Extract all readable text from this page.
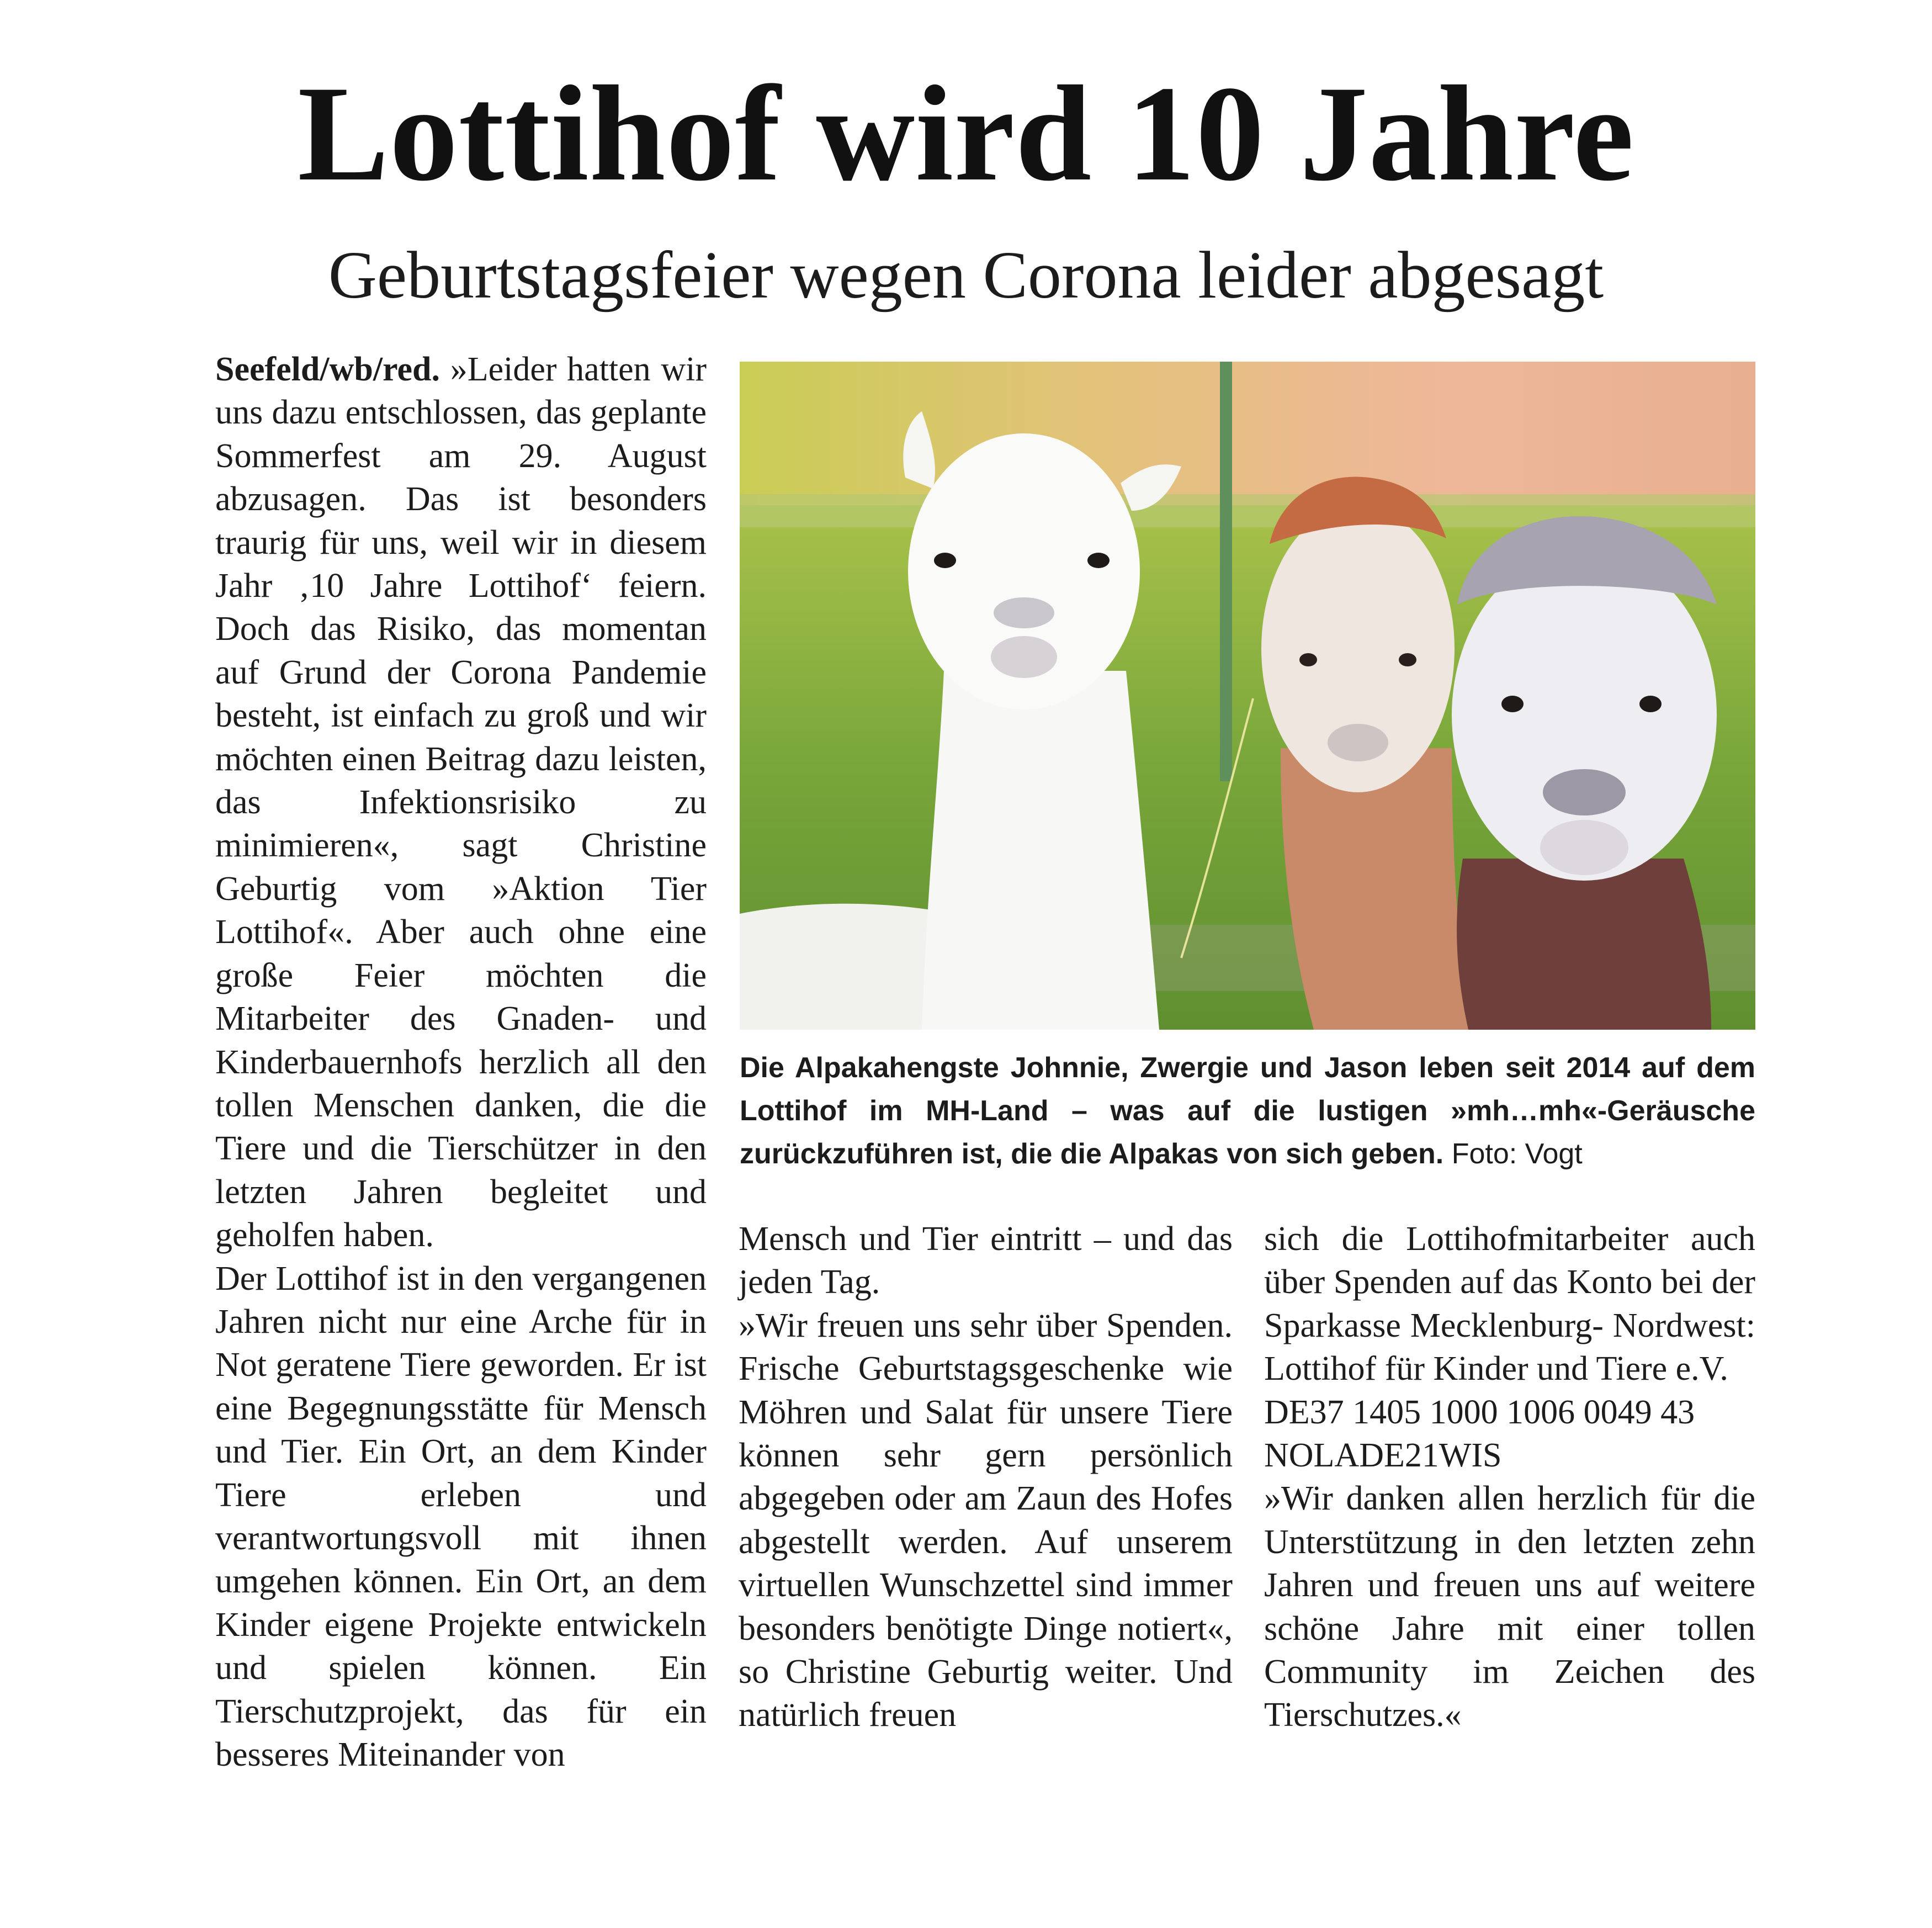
Lottihof wird 10 Jahre
Geburtstagsfeier wegen Corona leider abgesagt

Seefeld/wb/red. »Leider hatten wir uns dazu entschlossen, das geplante Sommerfest am 29. August abzusagen. Das ist besonders traurig für uns, weil wir in diesem Jahr ‚10 Jahre Lottihof‘ feiern. Doch das Risiko, das momentan auf Grund der Corona Pandemie besteht, ist einfach zu groß und wir möchten einen Beitrag dazu leisten, das Infektionsrisiko zu minimieren«, sagt Christine Geburtig vom »Aktion Tier Lottihof«. Aber auch ohne eine große Feier möchten die Mitarbeiter des Gnaden- und Kinderbauernhofs herzlich all den tollen Menschen danken, die die Tiere und die Tierschützer in den letzten Jahren begleitet und geholfen haben.

Der Lottihof ist in den vergangenen Jahren nicht nur eine Arche für in Not geratene Tiere geworden. Er ist eine Begegnungsstätte für Mensch und Tier. Ein Ort, an dem Kinder Tiere erleben und verantwortungsvoll mit ihnen umgehen können. Ein Ort, an dem Kinder eigene Projekte entwickeln und spielen können. Ein Tierschutzprojekt, das für ein besseres Miteinander von

Die Alpakahengste Johnnie, Zwergie und Jason leben seit 2014 auf dem Lottihof im MH-Land – was auf die lustigen »mh…mh«-Geräusche zurückzuführen ist, die die Alpakas von sich geben. Foto: Vogt

Mensch und Tier eintritt – und das jeden Tag.

»Wir freuen uns sehr über Spenden. Frische Geburtstagsgeschenke wie Möhren und Salat für unsere Tiere können sehr gern persönlich abgegeben oder am Zaun des Hofes abgestellt werden. Auf unserem virtuellen Wunschzettel sind immer besonders benötigte Dinge notiert«, so Christine Geburtig weiter. Und natürlich freuen

sich die Lottihofmitarbeiter auch über Spenden auf das Konto bei der Sparkasse Mecklenburg- Nordwest: Lottihof für Kinder und Tiere e.V.

DE37 1405 1000 1006 0049 43

NOLADE21WIS

»Wir danken allen herzlich für die Unterstützung in den letzten zehn Jahren und freuen uns auf weitere schöne Jahre mit einer tollen Community im Zeichen des Tierschutzes.«
